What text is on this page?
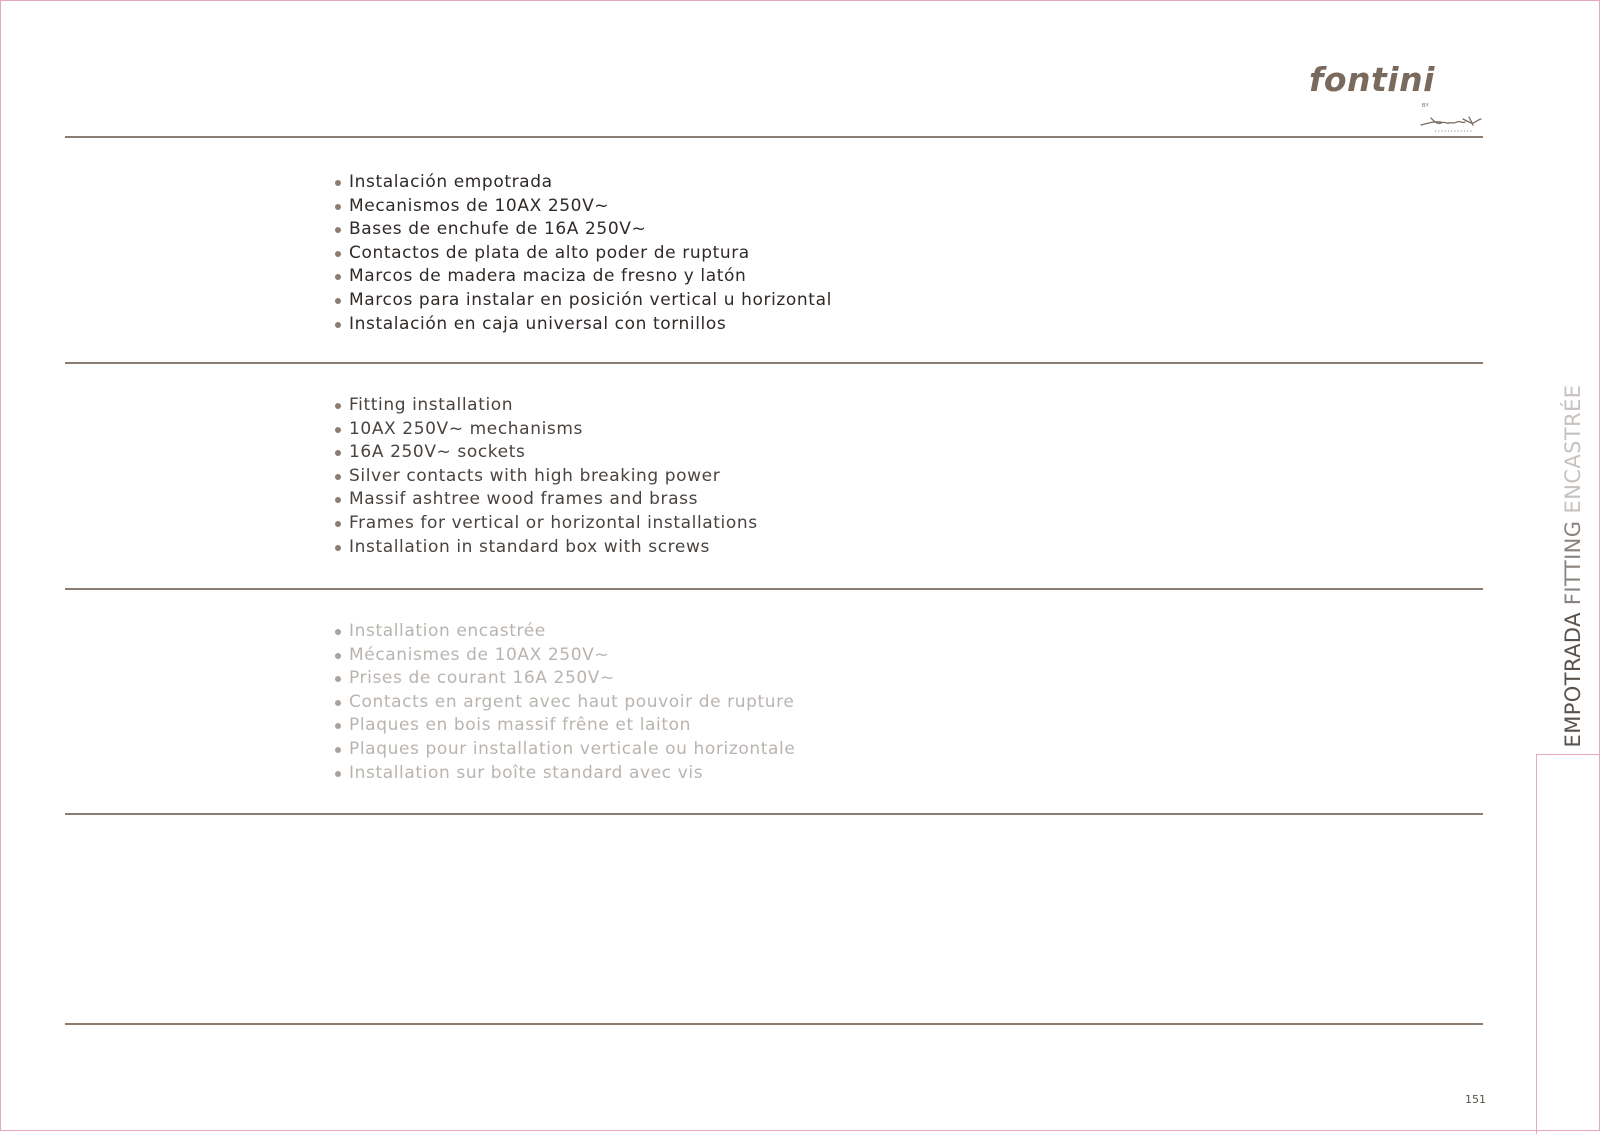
fontini
BY
Instalación empotrada
Mecanismos de 10AX 250V~
Bases de enchufe de 16A 250V~
Contactos de plata de alto poder de ruptura
Marcos de madera maciza de fresno y latón
Marcos para instalar en posición vertical u horizontal
Instalación en caja universal con tornillos
Fitting installation
10AX 250V~ mechanisms
16A 250V~ sockets
Silver contacts with high breaking power
Massif ashtree wood frames and brass
Frames for vertical or horizontal installations
Installation in standard box with screws
Installation encastrée
Mécanismes de 10AX 250V~
Prises de courant 16A 250V~
Contacts en argent avec haut pouvoir de rupture
Plaques en bois massif frêne et laiton
Plaques pour installation verticale ou horizontale
Installation sur boîte standard avec vis
EMPOTRADA FITTING ENCASTRÉE
151
